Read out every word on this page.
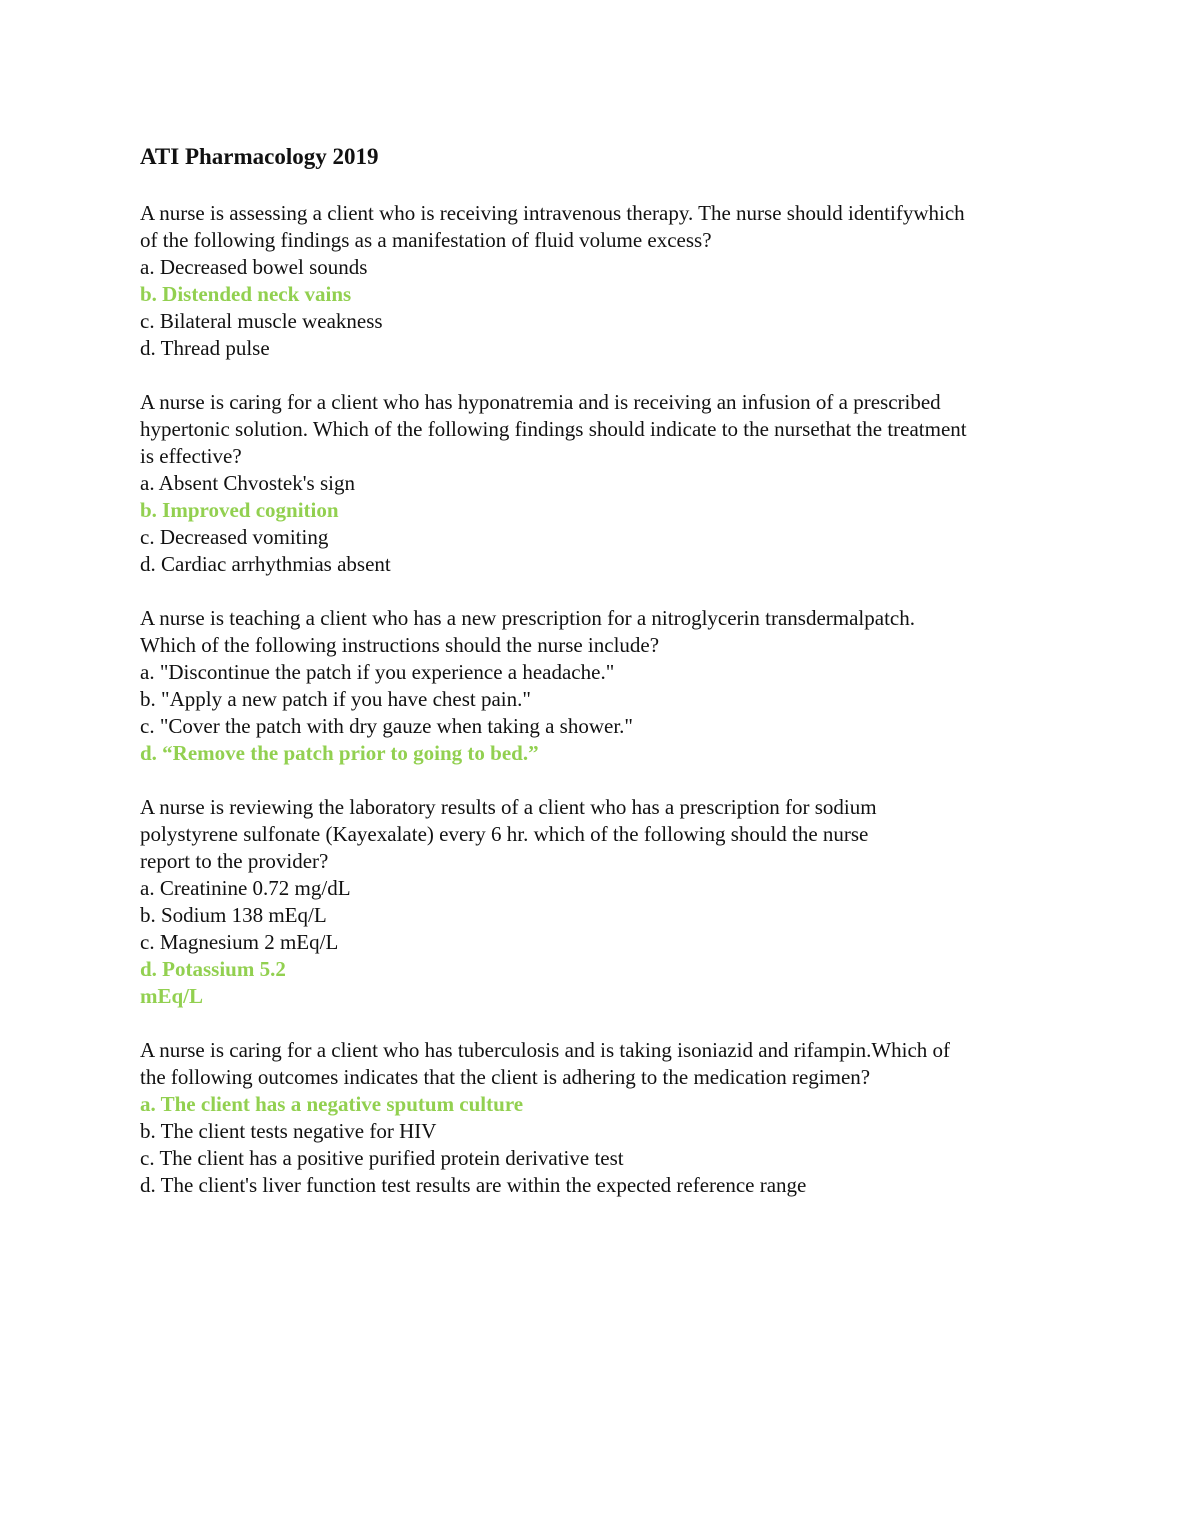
ATI Pharmacology 2019
A nurse is assessing a client who is receiving intravenous therapy. The nurse should identifywhich
of the following findings as a manifestation of fluid volume excess?
a. Decreased bowel sounds
b. Distended neck vains
c. Bilateral muscle weakness
d. Thread pulse
A nurse is caring for a client who has hyponatremia and is receiving an infusion of a prescribed
hypertonic solution. Which of the following findings should indicate to the nursethat the treatment
is effective?
a. Absent Chvostek's sign
b. Improved cognition
c. Decreased vomiting
d. Cardiac arrhythmias absent
A nurse is teaching a client who has a new prescription for a nitroglycerin transdermalpatch.
Which of the following instructions should the nurse include?
a. "Discontinue the patch if you experience a headache."
b. "Apply a new patch if you have chest pain."
c. "Cover the patch with dry gauze when taking a shower."
d. “Remove the patch prior to going to bed.”
A nurse is reviewing the laboratory results of a client who has a prescription for sodium
polystyrene sulfonate (Kayexalate) every 6 hr. which of the following should the nurse
report to the provider?
a. Creatinine 0.72 mg/dL
b. Sodium 138 mEq/L
c. Magnesium 2 mEq/L
d. Potassium 5.2
mEq/L
A nurse is caring for a client who has tuberculosis and is taking isoniazid and rifampin.Which of
the following outcomes indicates that the client is adhering to the medication regimen?
a. The client has a negative sputum culture
b. The client tests negative for HIV
c. The client has a positive purified protein derivative test
d. The client's liver function test results are within the expected reference range
